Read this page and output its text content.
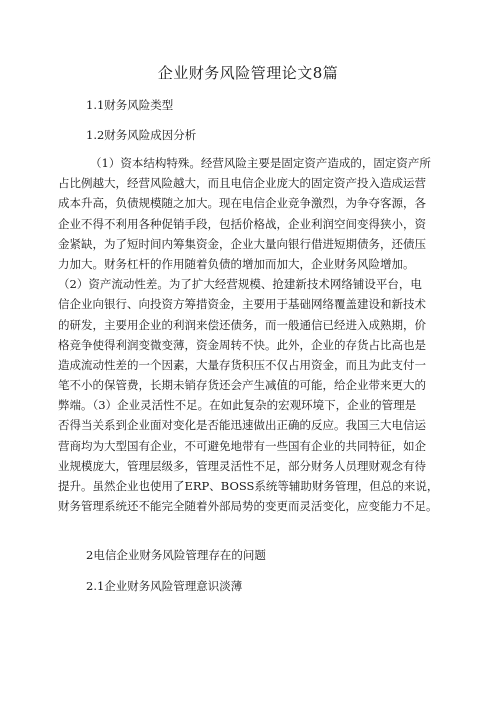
企业财务风险管理论文8篇
1.1财务风险类型
1.2财务风险成因分析
（1）资本结构特殊。经营风险主要是固定资产造成的，固定资产所
占比例越大，经营风险越大，而且电信企业庞大的固定资产投入造成运营
成本升高，负债规模随之加大。现在电信企业竞争激烈，为争夺客源，各
企业不得不利用各种促销手段，包括价格战，企业利润空间变得狭小，资
金紧缺，为了短时间内筹集资金，企业大量向银行借进短期债务，还债压
力加大。财务杠杆的作用随着负债的增加而加大，企业财务风险增加。
（2）资产流动性差。为了扩大经营规模、抢建新技术网络铺设平台，电
信企业向银行、向投资方筹措资金，主要用于基础网络覆盖建设和新技术
的研发，主要用企业的利润来偿还债务，而一般通信已经进入成熟期，价
格竞争使得利润变微变薄，资金周转不快。此外，企业的存货占比高也是
造成流动性差的一个因素，大量存货积压不仅占用资金，而且为此支付一
笔不小的保管费，长期未销存货还会产生减值的可能，给企业带来更大的
弊端。（3）企业灵活性不足。在如此复杂的宏观环境下，企业的管理是
否得当关系到企业面对变化是否能迅速做出正确的反应。我国三大电信运
营商均为大型国有企业，不可避免地带有一些国有企业的共同特征，如企
业规模庞大，管理层级多，管理灵活性不足，部分财务人员理财观念有待
提升。虽然企业也使用了ERP、BOSS系统等辅助财务管理，但总的来说，
财务管理系统还不能完全随着外部局势的变更而灵活变化，应变能力不足。
2电信企业财务风险管理存在的问题
2.1企业财务风险管理意识淡薄
